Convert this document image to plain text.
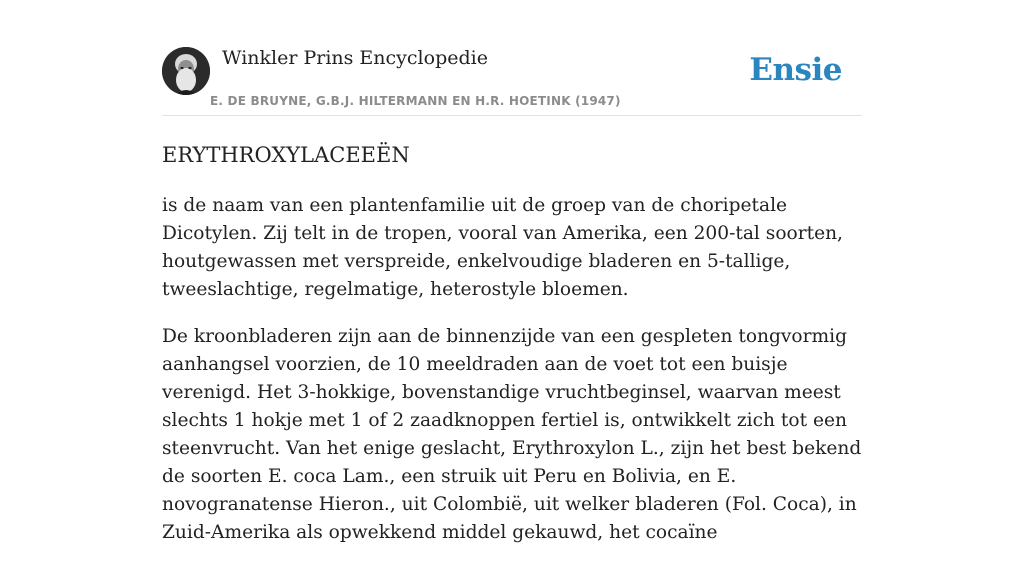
Winkler Prins Encyclopedie
E. DE BRUYNE, G.B.J. HILTERMANN EN H.R. HOETINK (1947)
Ensie
ERYTHROXYLACEEËN

is de naam van een plantenfamilie uit de groep van de choripetale Dicotylen. Zij telt in de tropen, vooral van Amerika, een 200-tal soorten, houtgewassen met verspreide, enkelvoudige bladeren en 5-tallige, tweeslachtige, regelmatige, heterostyle bloemen.

De kroonbladeren zijn aan de binnenzijde van een gespleten tongvormig aanhangsel voorzien, de 10 meeldraden aan de voet tot een buisje verenigd. Het 3-hokkige, bovenstandige vruchtbeginsel, waarvan meest slechts 1 hokje met 1 of 2 zaadknoppen fertiel is, ontwikkelt zich tot een steenvrucht. Van het enige geslacht, Erythroxylon L., zijn het best bekend de soorten E. coca Lam., een struik uit Peru en Bolivia, en E. novogranatense Hieron., uit Colombië, uit welker bladeren (Fol. Coca), in Zuid-Amerika als opwekkend middel gekauwd, het cocaïne
